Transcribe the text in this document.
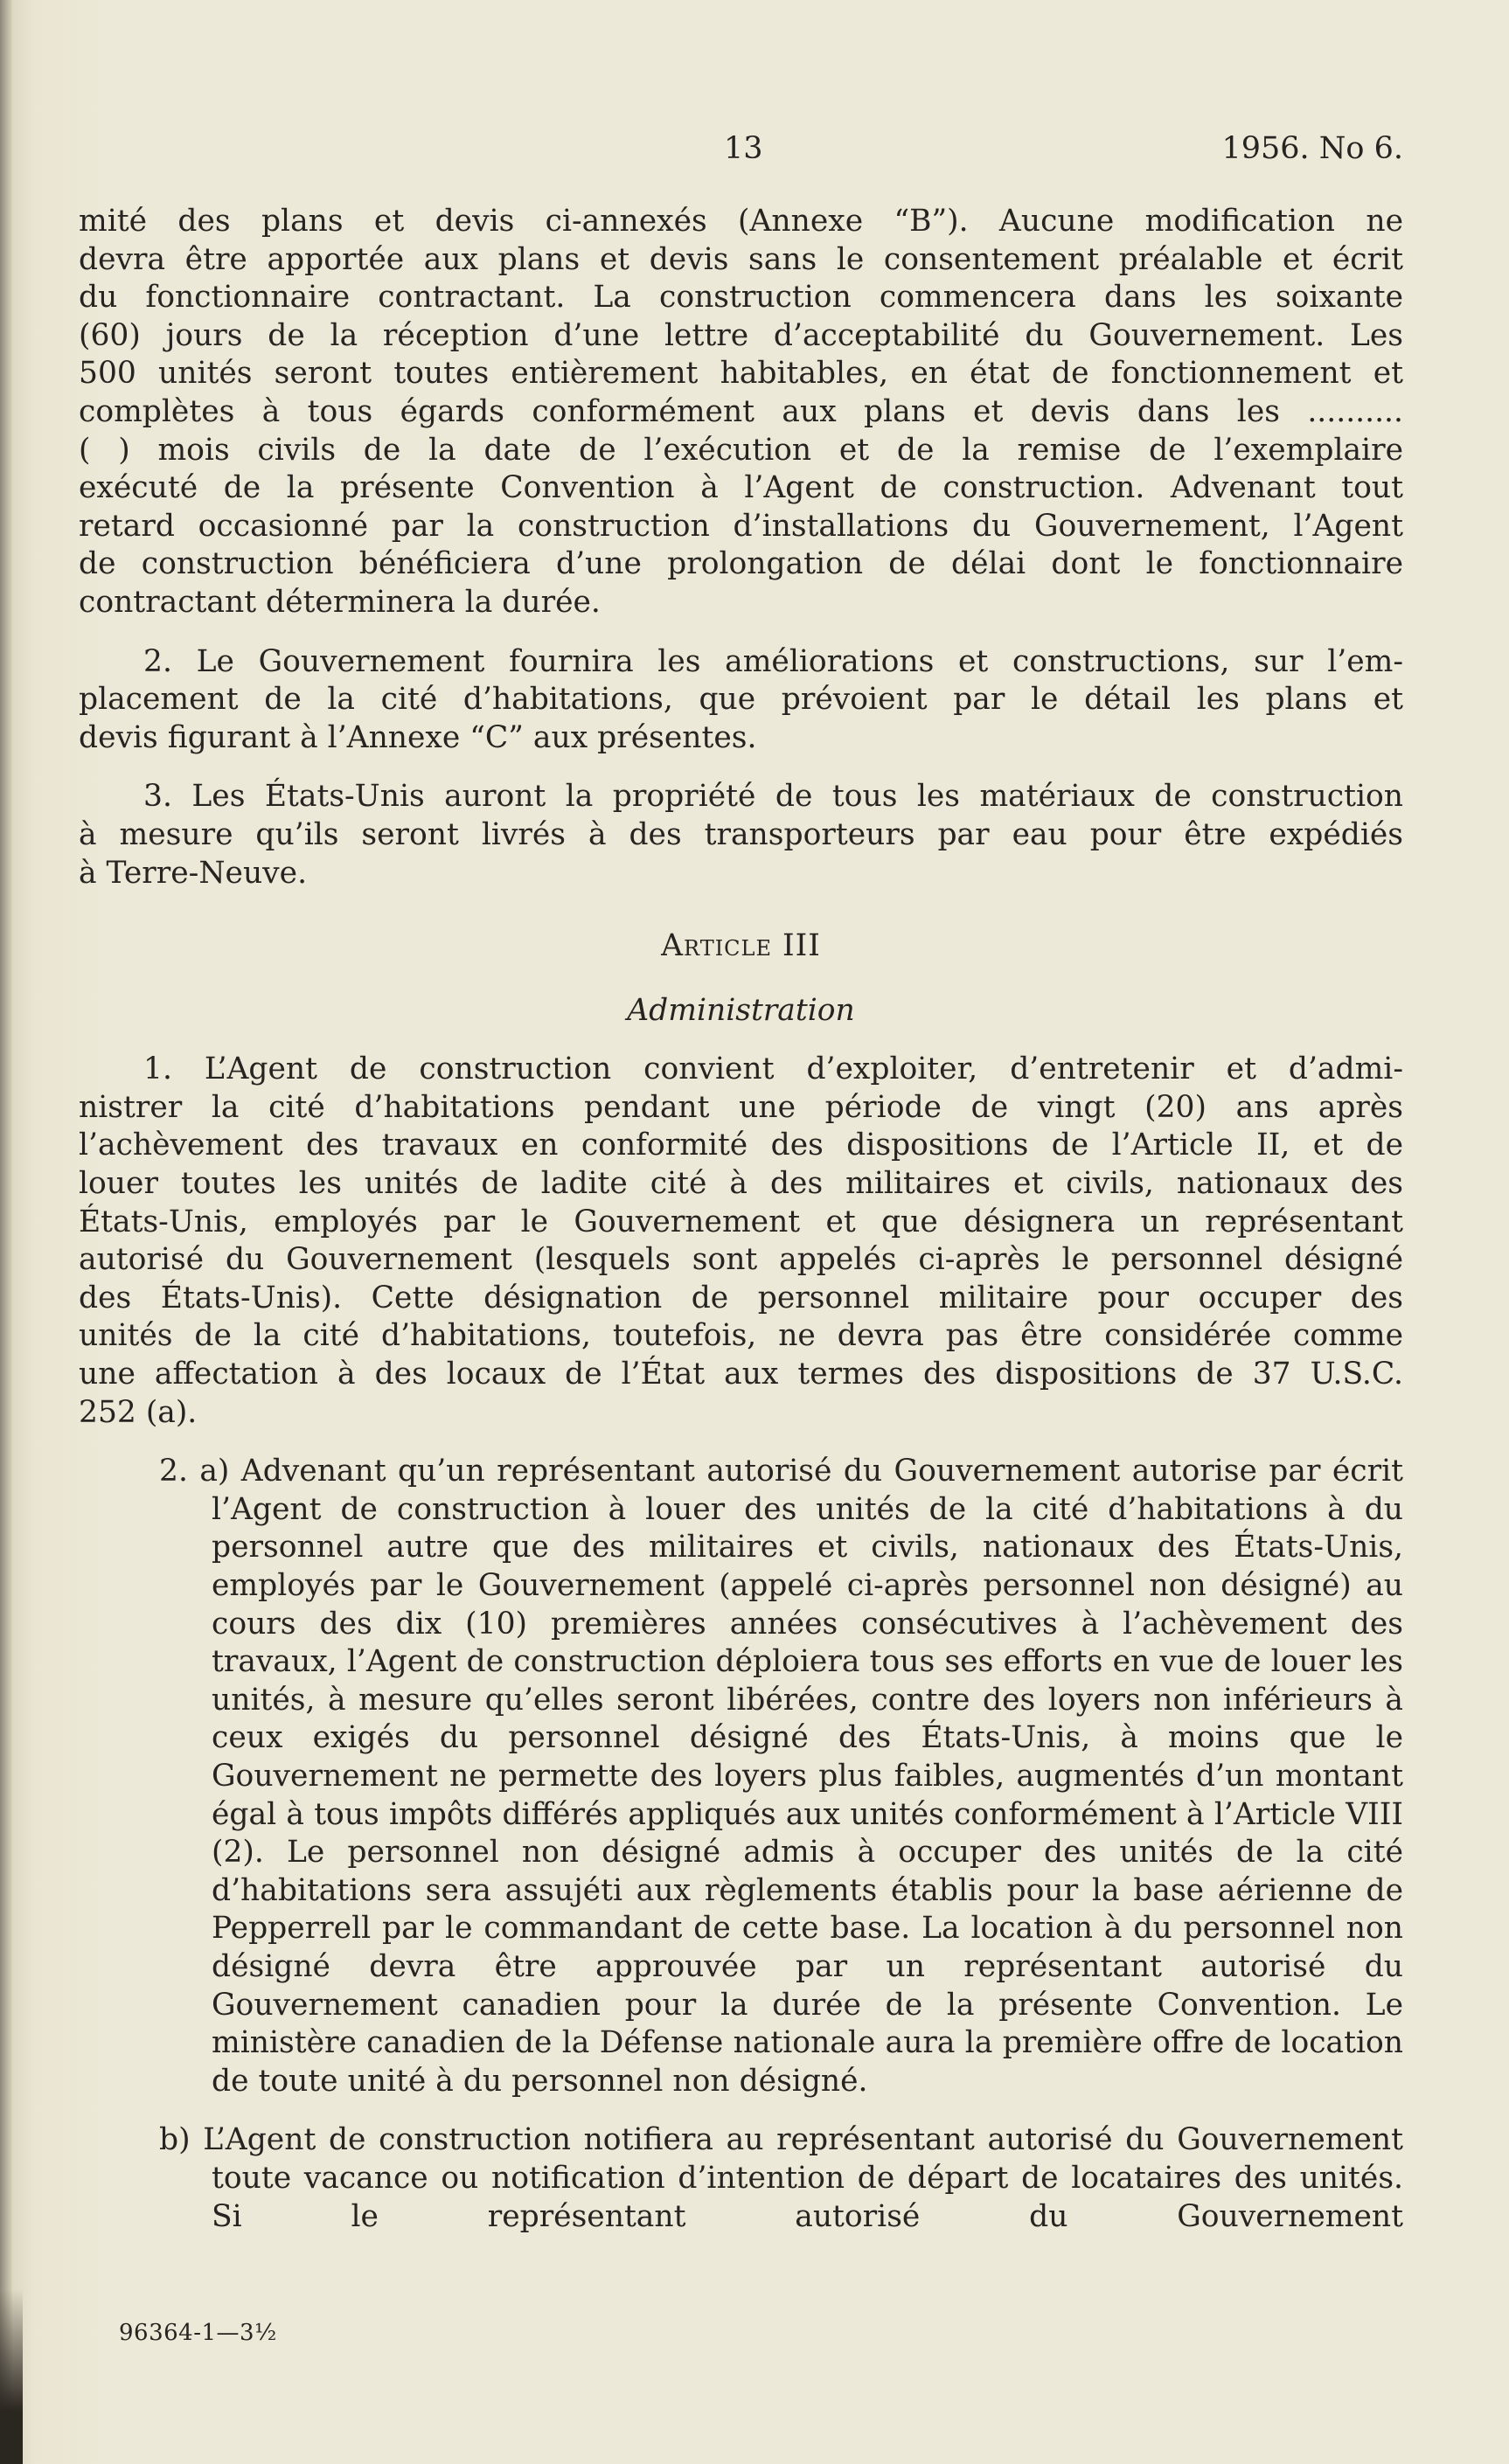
13	1956. No 6.

mité des plans et devis ci-annexés (Annexe “B”). Aucune modification ne

devra être apportée aux plans et devis sans le consentement préalable et écrit

du fonctionnaire contractant. La construction commencera dans les soixante

(60) jours de la réception d’une lettre d’acceptabilité du Gouvernement. Les

500 unités seront toutes entièrement habitables, en état de fonctionnement et

complètes à tous égards conformément aux plans et devis dans les ..........

( ) mois civils de la date de l’exécution et de la remise de l’exemplaire

exécuté de la présente Convention à l’Agent de construction. Advenant tout

retard occasionné par la construction d’installations du Gouvernement, l’Agent

de construction bénéficiera d’une prolongation de délai dont le fonctionnaire

contractant déterminera la durée.

2. Le Gouvernement fournira les améliorations et constructions, sur l’em-

placement de la cité d’habitations, que prévoient par le détail les plans et

devis figurant à l’Annexe “C” aux présentes.

3. Les États-Unis auront la propriété de tous les matériaux de construction

à mesure qu’ils seront livrés à des transporteurs par eau pour être expédiés

à Terre-Neuve.

Article III

Administration

1. L’Agent de construction convient d’exploiter, d’entretenir et d’admi-

nistrer la cité d’habitations pendant une période de vingt (20) ans après

l’achèvement des travaux en conformité des dispositions de l’Article II, et de

louer toutes les unités de ladite cité à des militaires et civils, nationaux des

États-Unis, employés par le Gouvernement et que désignera un représentant

autorisé du Gouvernement (lesquels sont appelés ci-après le personnel désigné

des États-Unis). Cette désignation de personnel militaire pour occuper des

unités de la cité d’habitations, toutefois, ne devra pas être considérée comme

une affectation à des locaux de l’État aux termes des dispositions de 37 U.S.C.

252 (a).

2. a) Advenant qu’un représentant autorisé du Gouvernement autorise par écrit l’Agent de construction à louer des unités de la cité d’habitations à du personnel autre que des militaires et civils, nationaux des États-Unis, employés par le Gouvernement (appelé ci-après personnel non désigné) au cours des dix (10) premières années consécutives à l’achèvement des travaux, l’Agent de construction déploiera tous ses efforts en vue de louer les unités, à mesure qu’elles seront libérées, contre des loyers non inférieurs à ceux exigés du personnel désigné des États-Unis, à moins que le Gouvernement ne permette des loyers plus faibles, augmentés d’un montant égal à tous impôts différés appliqués aux unités conformément à l’Article VIII (2). Le personnel non désigné admis à occuper des unités de la cité d’habitations sera assujéti aux règlements établis pour la base aérienne de Pepperrell par le commandant de cette base. La location à du personnel non désigné devra être approuvée par un représentant autorisé du Gouvernement canadien pour la durée de la présente Convention. Le ministère canadien de la Défense nationale aura la première offre de location de toute unité à du personnel non désigné.

b) L’Agent de construction notifiera au représentant autorisé du Gouvernement toute vacance ou notification d’intention de départ de locataires des unités. Si le représentant autorisé du Gouvernement

96364-1—3½
